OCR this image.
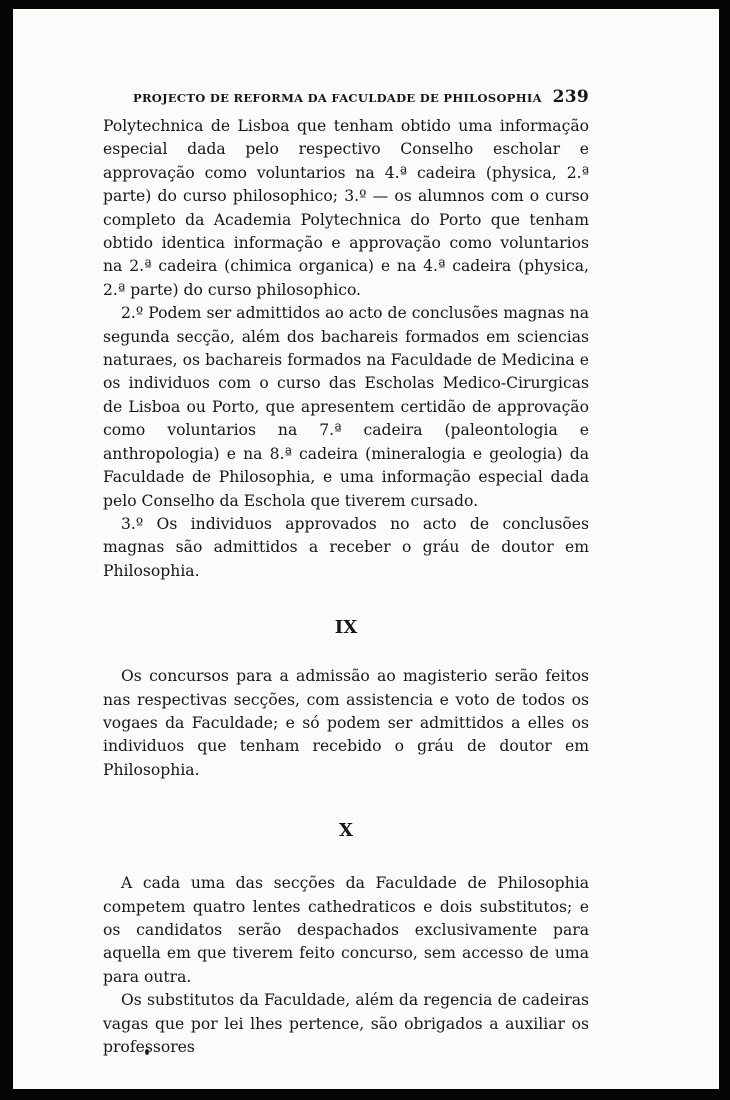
PROJECTO DE REFORMA DA FACULDADE DE PHILOSOPHIA 239

Polytechnica de Lisboa que tenham obtido uma informação especial dada pelo respectivo Conselho escholar e approvação como voluntarios na 4.ª cadeira (physica, 2.ª parte) do curso philosophico; 3.º — os alumnos com o curso completo da Academia Polytechnica do Porto que tenham obtido identica informação e approvação como voluntarios na 2.ª cadeira (chimica organica) e na 4.ª cadeira (physica, 2.ª parte) do curso philosophico.

2.º Podem ser admittidos ao acto de conclusões magnas na segunda secção, além dos bachareis formados em sciencias naturaes, os bachareis formados na Faculdade de Medicina e os individuos com o curso das Escholas Medico-Cirurgicas de Lisboa ou Porto, que apresentem certidão de approvação como voluntarios na 7.ª cadeira (paleontologia e anthropologia) e na 8.ª cadeira (mineralogia e geologia) da Faculdade de Philosophia, e uma informação especial dada pelo Conselho da Eschola que tiverem cursado.

3.º Os individuos approvados no acto de conclusões magnas são admittidos a receber o gráu de doutor em Philosophia.

IX

Os concursos para a admissão ao magisterio serão feitos nas respectivas secções, com assistencia e voto de todos os vogaes da Faculdade; e só podem ser admittidos a elles os individuos que tenham recebido o gráu de doutor em Philosophia.

X

A cada uma das secções da Faculdade de Philosophia competem quatro lentes cathedraticos e dois substitutos; e os candidatos serão despachados exclusivamente para aquella em que tiverem feito concurso, sem accesso de uma para outra.

Os substitutos da Faculdade, além da regencia de cadeiras vagas que por lei lhes pertence, são obrigados a auxiliar os professores
